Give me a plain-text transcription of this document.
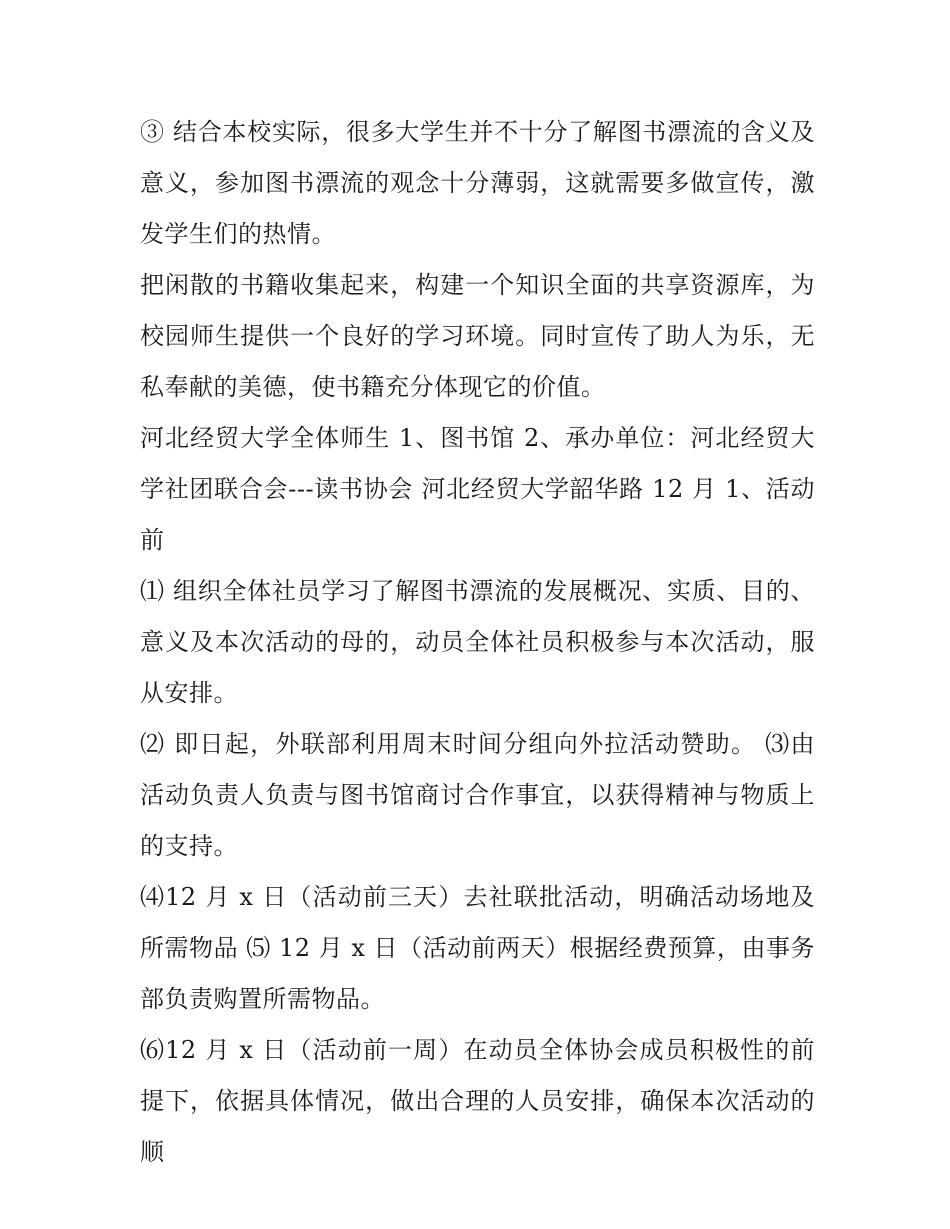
③ 结合本校实际，很多大学生并不十分了解图书漂流的含义及意义，参加图书漂流的观念十分薄弱，这就需要多做宣传，激发学生们的热情。

把闲散的书籍收集起来，构建一个知识全面的共享资源库，为校园师生提供一个良好的学习环境。同时宣传了助人为乐，无私奉献的美德，使书籍充分体现它的价值。

河北经贸大学全体师生 1、图书馆 2、承办单位：河北经贸大学社团联合会---读书协会 河北经贸大学韶华路 12 月 1、活动前

⑴ 组织全体社员学习了解图书漂流的发展概况、实质、目的、意义及本次活动的母的，动员全体社员积极参与本次活动，服从安排。

⑵ 即日起，外联部利用周末时间分组向外拉活动赞助。 ⑶由活动负责人负责与图书馆商讨合作事宜，以获得精神与物质上的支持。

⑷12 月 x 日（活动前三天）去社联批活动，明确活动场地及所需物品 ⑸ 12 月 x 日（活动前两天）根据经费预算，由事务部负责购置所需物品。

⑹12 月 x 日（活动前一周）在动员全体协会成员积极性的前提下，依据具体情况，做出合理的人员安排，确保本次活动的顺
